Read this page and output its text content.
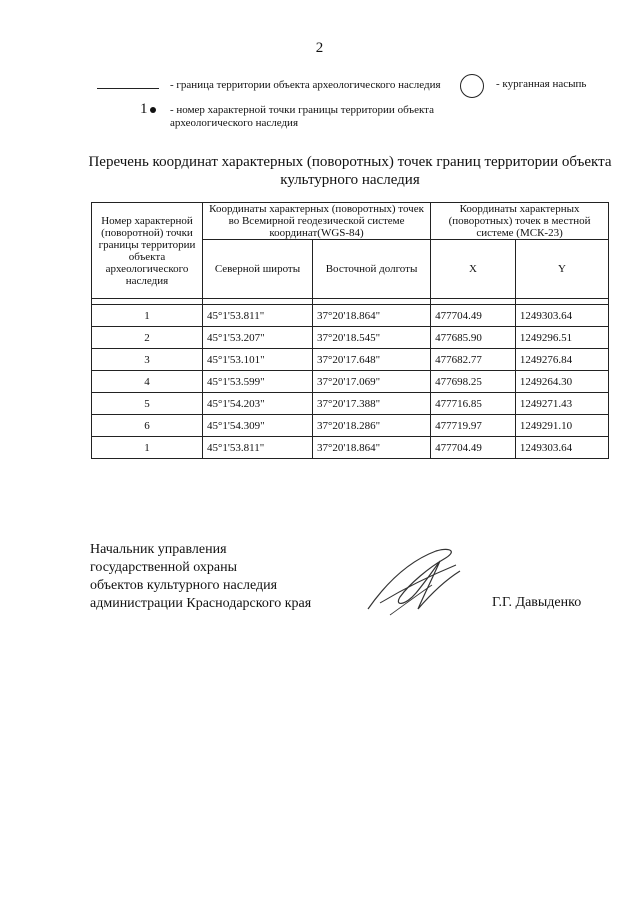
2
- граница территории объекта археологического наследия
1	- номер характерной точки границы территории объекта археологического наследия
- курганная насыпь
Перечень координат характерных (поворотных) точек границ территории объекта культурного наследия
Номер характерной (поворотной) точки границы территории объекта археологического наследия	Координаты характерных (поворотных) точек во Всемирной геодезической системе координат(WGS-84)		Координаты характерных (поворотных) точек в местной системе (МСК-23)	
	Северной широты	Восточной долготы	X	Y

1	45°1'53.811"	37°20'18.864"	477704.49	1249303.64
2	45°1'53.207"	37°20'18.545"	477685.90	1249296.51
3	45°1'53.101"	37°20'17.648"	477682.77	1249276.84
4	45°1'53.599"	37°20'17.069"	477698.25	1249264.30
5	45°1'54.203"	37°20'17.388"	477716.85	1249271.43
6	45°1'54.309"	37°20'18.286"	477719.97	1249291.10
1	45°1'53.811"	37°20'18.864"	477704.49	1249303.64
Начальник управления
государственной охраны
объектов культурного наследия
администрации Краснодарского края	Г.Г. Давыденко
